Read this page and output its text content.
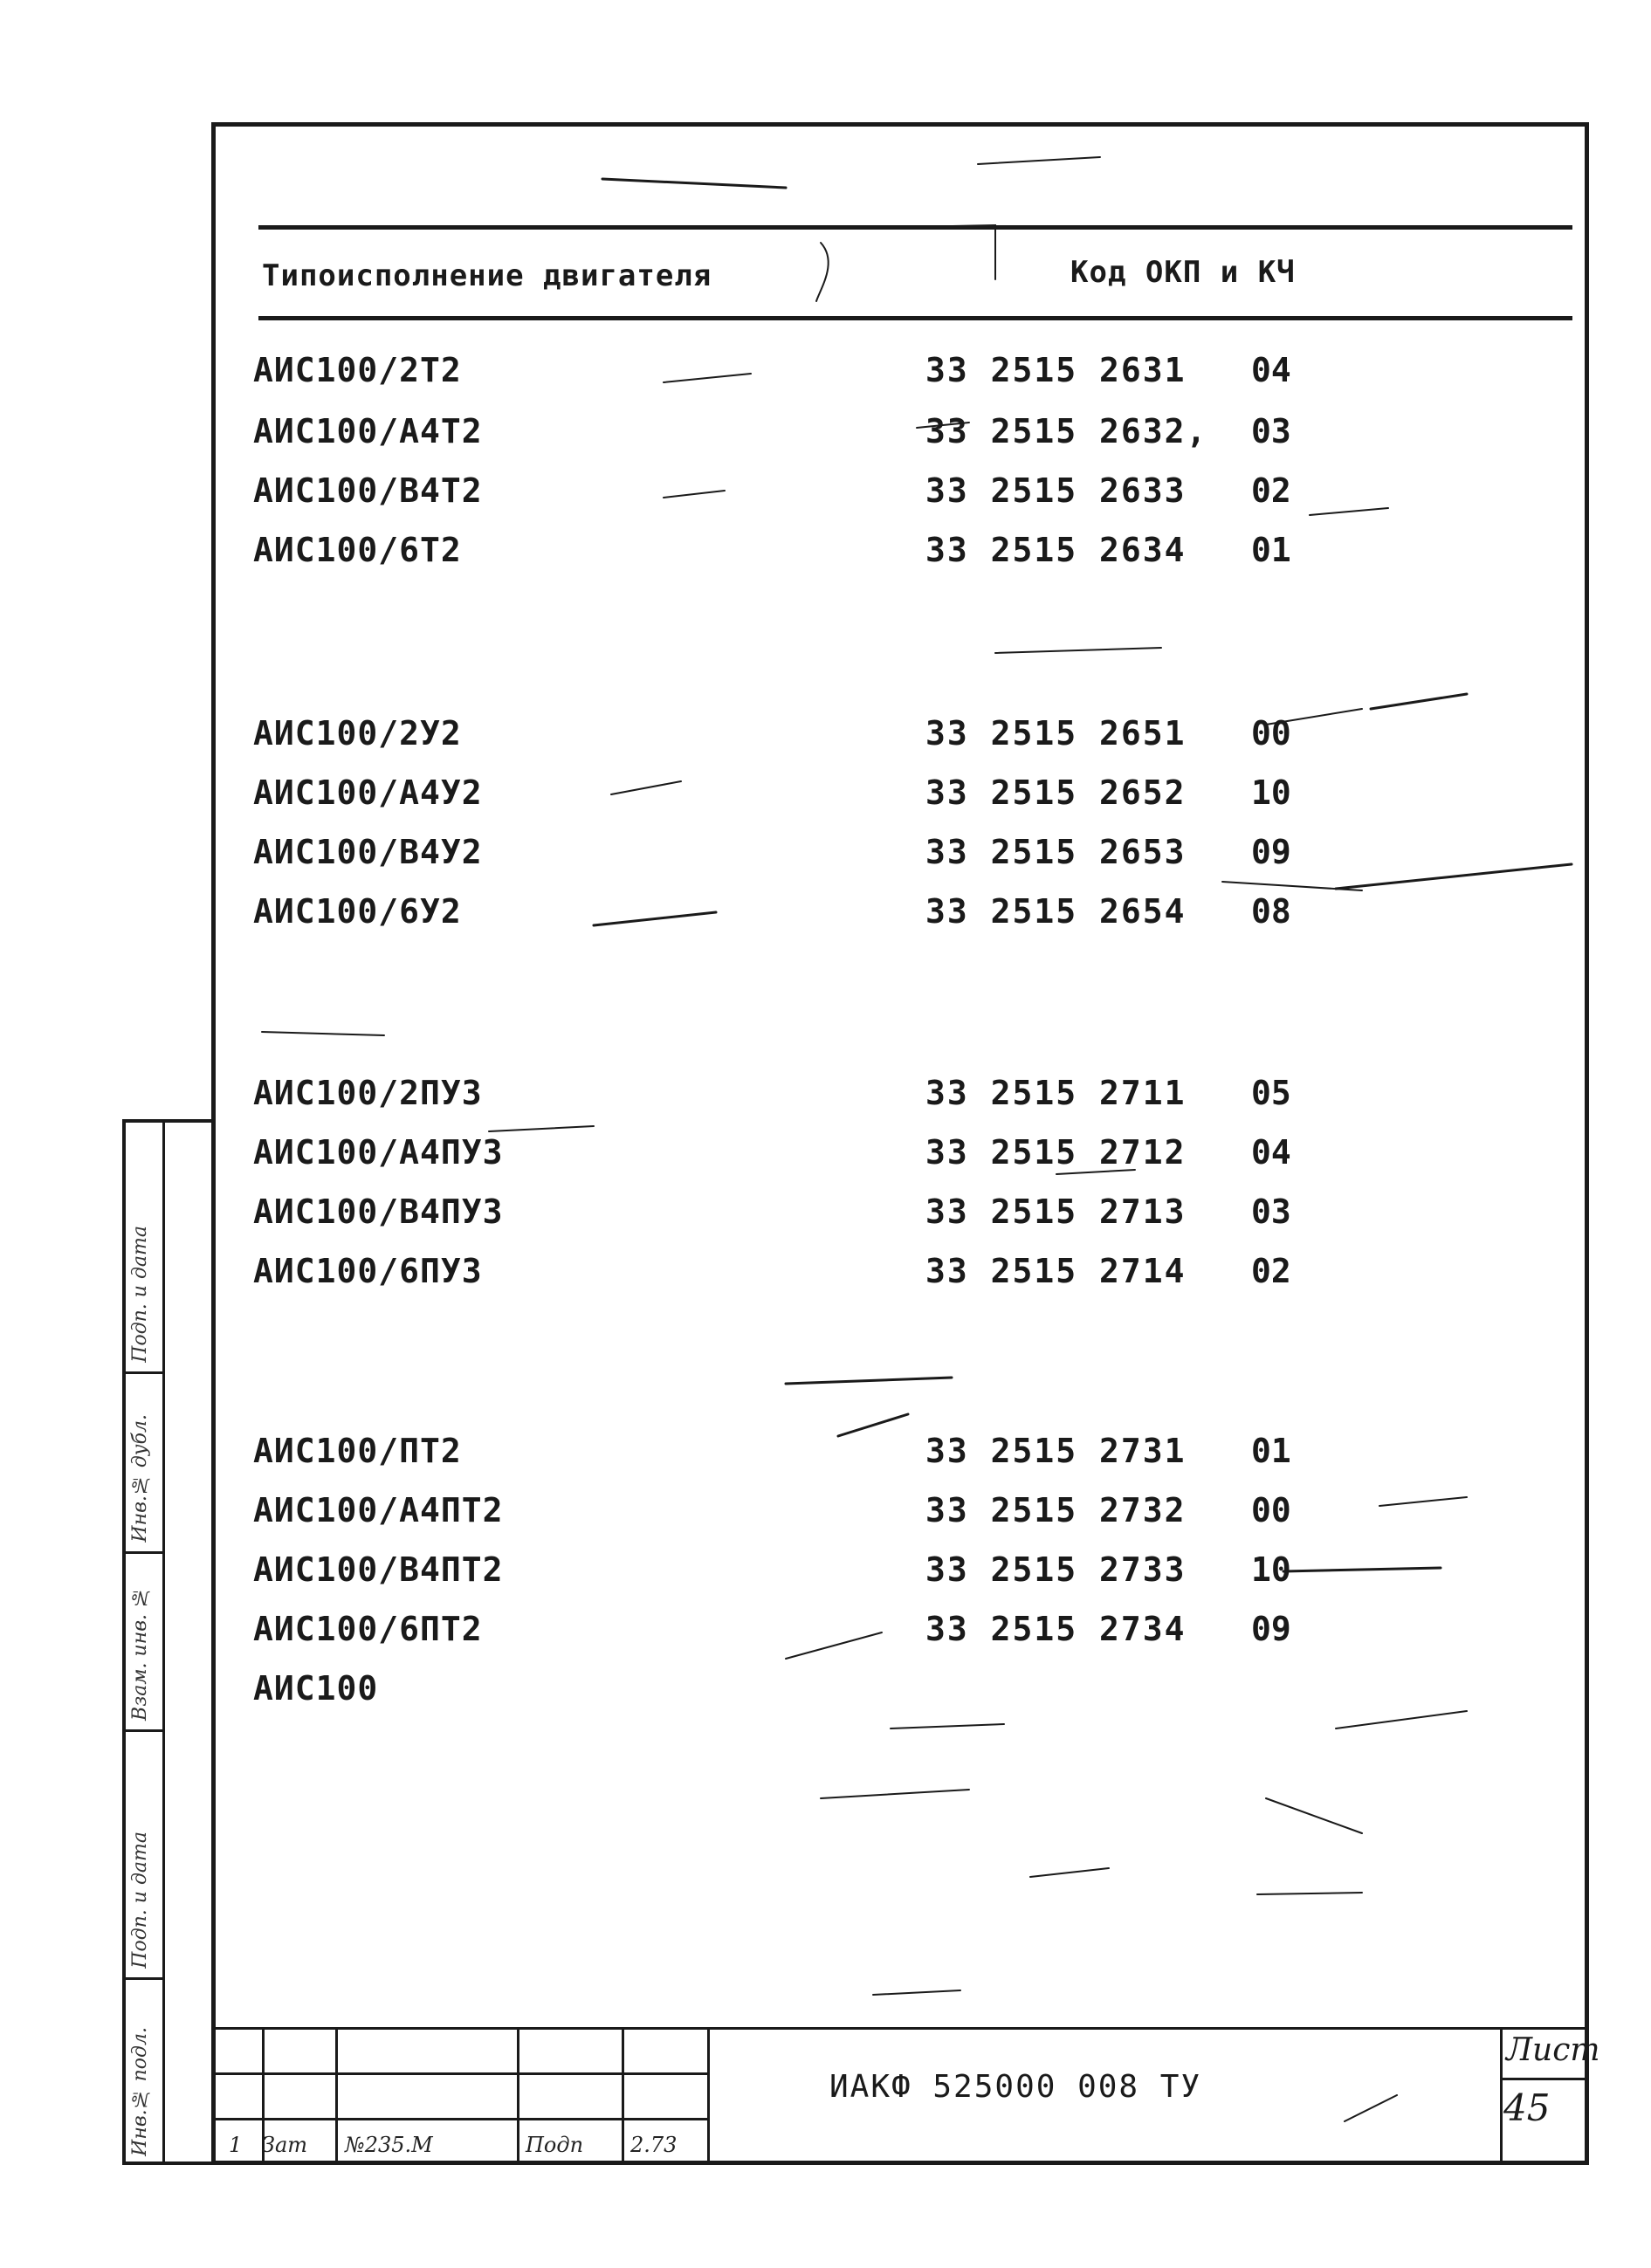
Типоисполнение двигателя	Код ОКП и КЧ
АИС100/2Т2	33 2515 2631 04
АИС100/А4Т2	33 2515 2632, 03
АИС100/В4Т2	33 2515 2633 02
АИС100/6Т2	33 2515 2634 01
АИС100/2У2	33 2515 2651 00
АИС100/А4У2	33 2515 2652 10
АИС100/В4У2	33 2515 2653 09
АИС100/6У2	33 2515 2654 08
АИС100/2ПУ3	33 2515 2711 05
АИС100/А4ПУ3	33 2515 2712 04
АИС100/В4ПУ3	33 2515 2713 03
АИС100/6ПУ3	33 2515 2714 02
АИС100/ПТ2	33 2515 2731 01
АИС100/А4ПТ2	33 2515 2732 00
АИС100/В4ПТ2	33 2515 2733 10
АИС100/6ПТ2	33 2515 2734 09
АИС100
Подп. и дата
Инв.№ дубл.
Взам. инв. №
Подп. и дата
Инв.№ подл.	1 Зат №235.М	Подп 2.73
ИАКФ 525000 008 ТУ
Лист
45
